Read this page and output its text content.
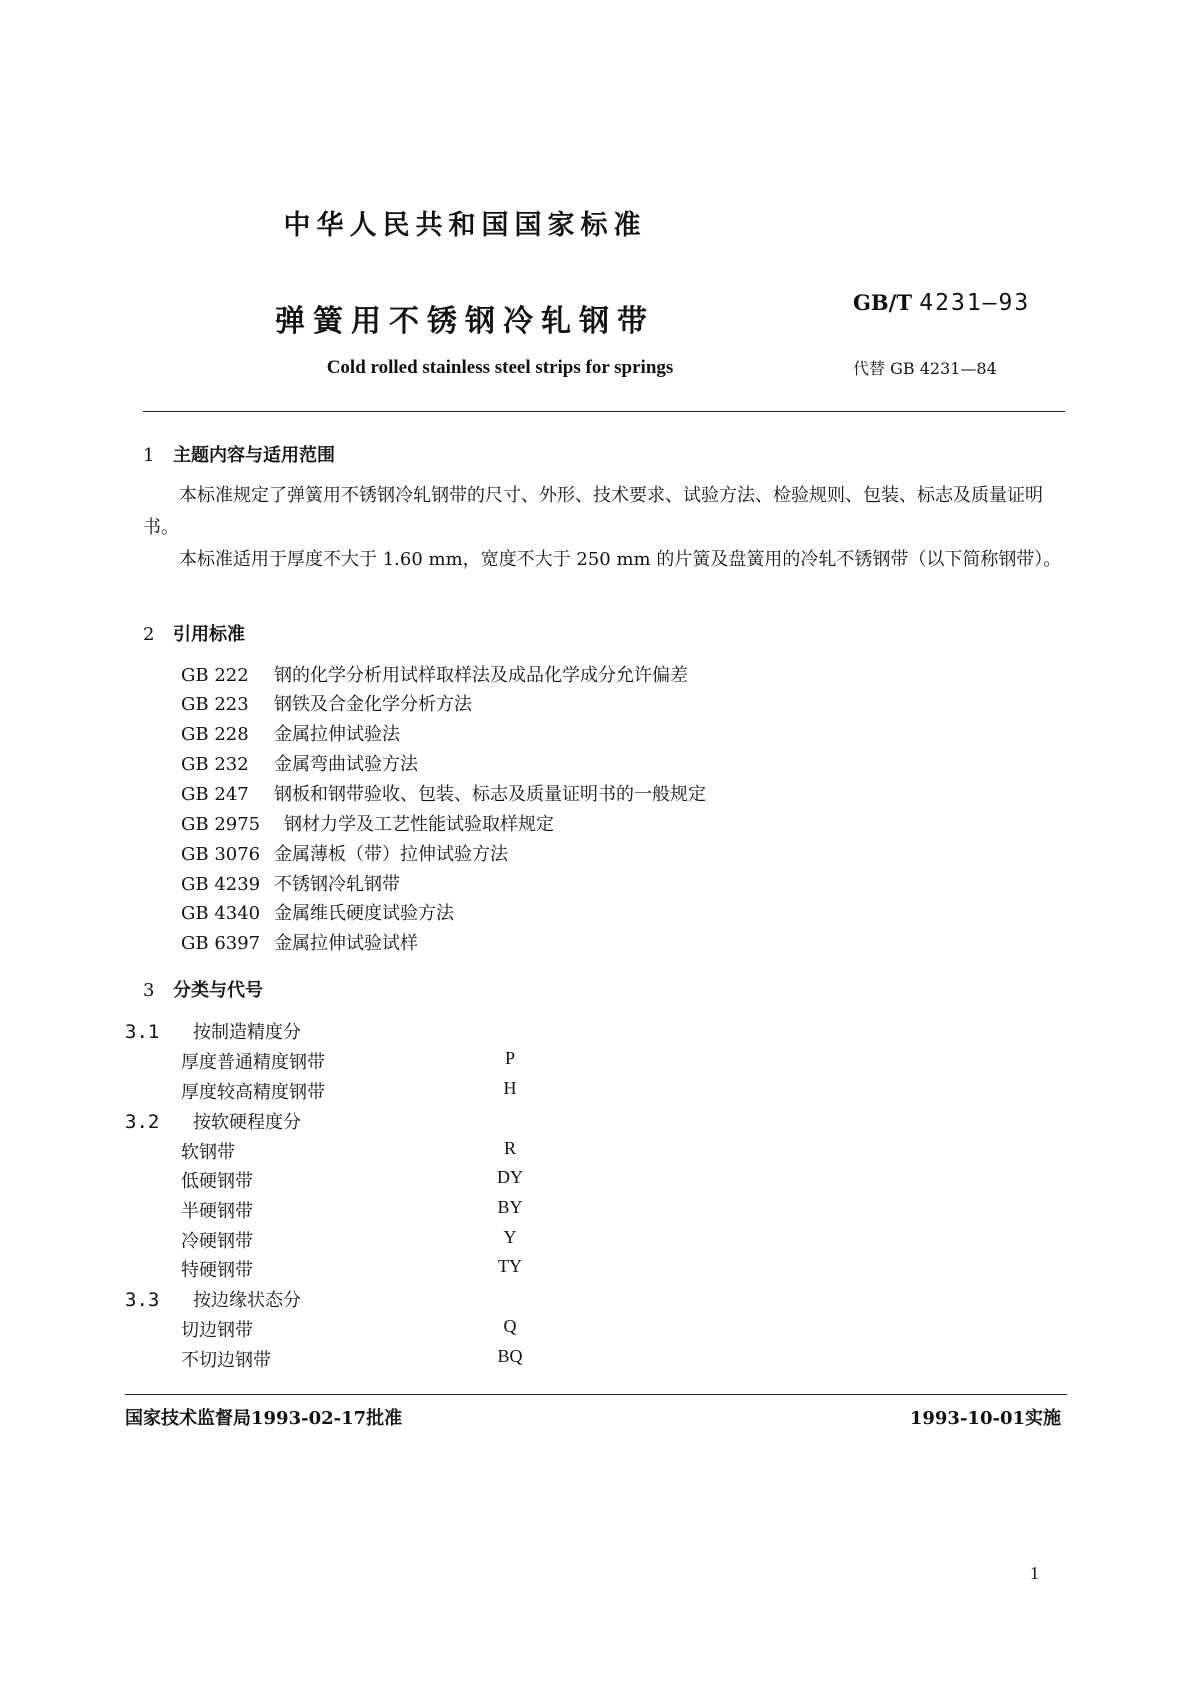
中华人民共和国国家标准
弹簧用不锈钢冷轧钢带
GB/T 4231—93
Cold rolled stainless steel strips for springs	代替 GB 4231—84
1 主题内容与适用范围

本标准规定了弹簧用不锈钢冷轧钢带的尺寸、外形、技术要求、试验方法、检验规则、包装、标志及质量证明书。

本标准适用于厚度不大于 1.60 mm，宽度不大于 250 mm 的片簧及盘簧用的冷轧不锈钢带（以下简称钢带）。

2 引用标准
GB 222 钢的化学分析用试样取样法及成品化学成分允许偏差
GB 223 钢铁及合金化学分析方法
GB 228 金属拉伸试验法
GB 232 金属弯曲试验方法
GB 247 钢板和钢带验收、包装、标志及质量证明书的一般规定
GB 2975 钢材力学及工艺性能试验取样规定
GB 3076 金属薄板（带）拉伸试验方法
GB 4239 不锈钢冷轧钢带
GB 4340 金属维氏硬度试验方法
GB 6397 金属拉伸试验试样
3 分类与代号
3.1 按制造精度分
厚度普通精度钢带	P
厚度较高精度钢带	H
3.2 按软硬程度分
软钢带	R
低硬钢带	DY
半硬钢带	BY
冷硬钢带	Y
特硬钢带	TY
3.3 按边缘状态分
切边钢带	Q
不切边钢带	BQ
国家技术监督局1993-02-17批准	1993-10-01实施
1
